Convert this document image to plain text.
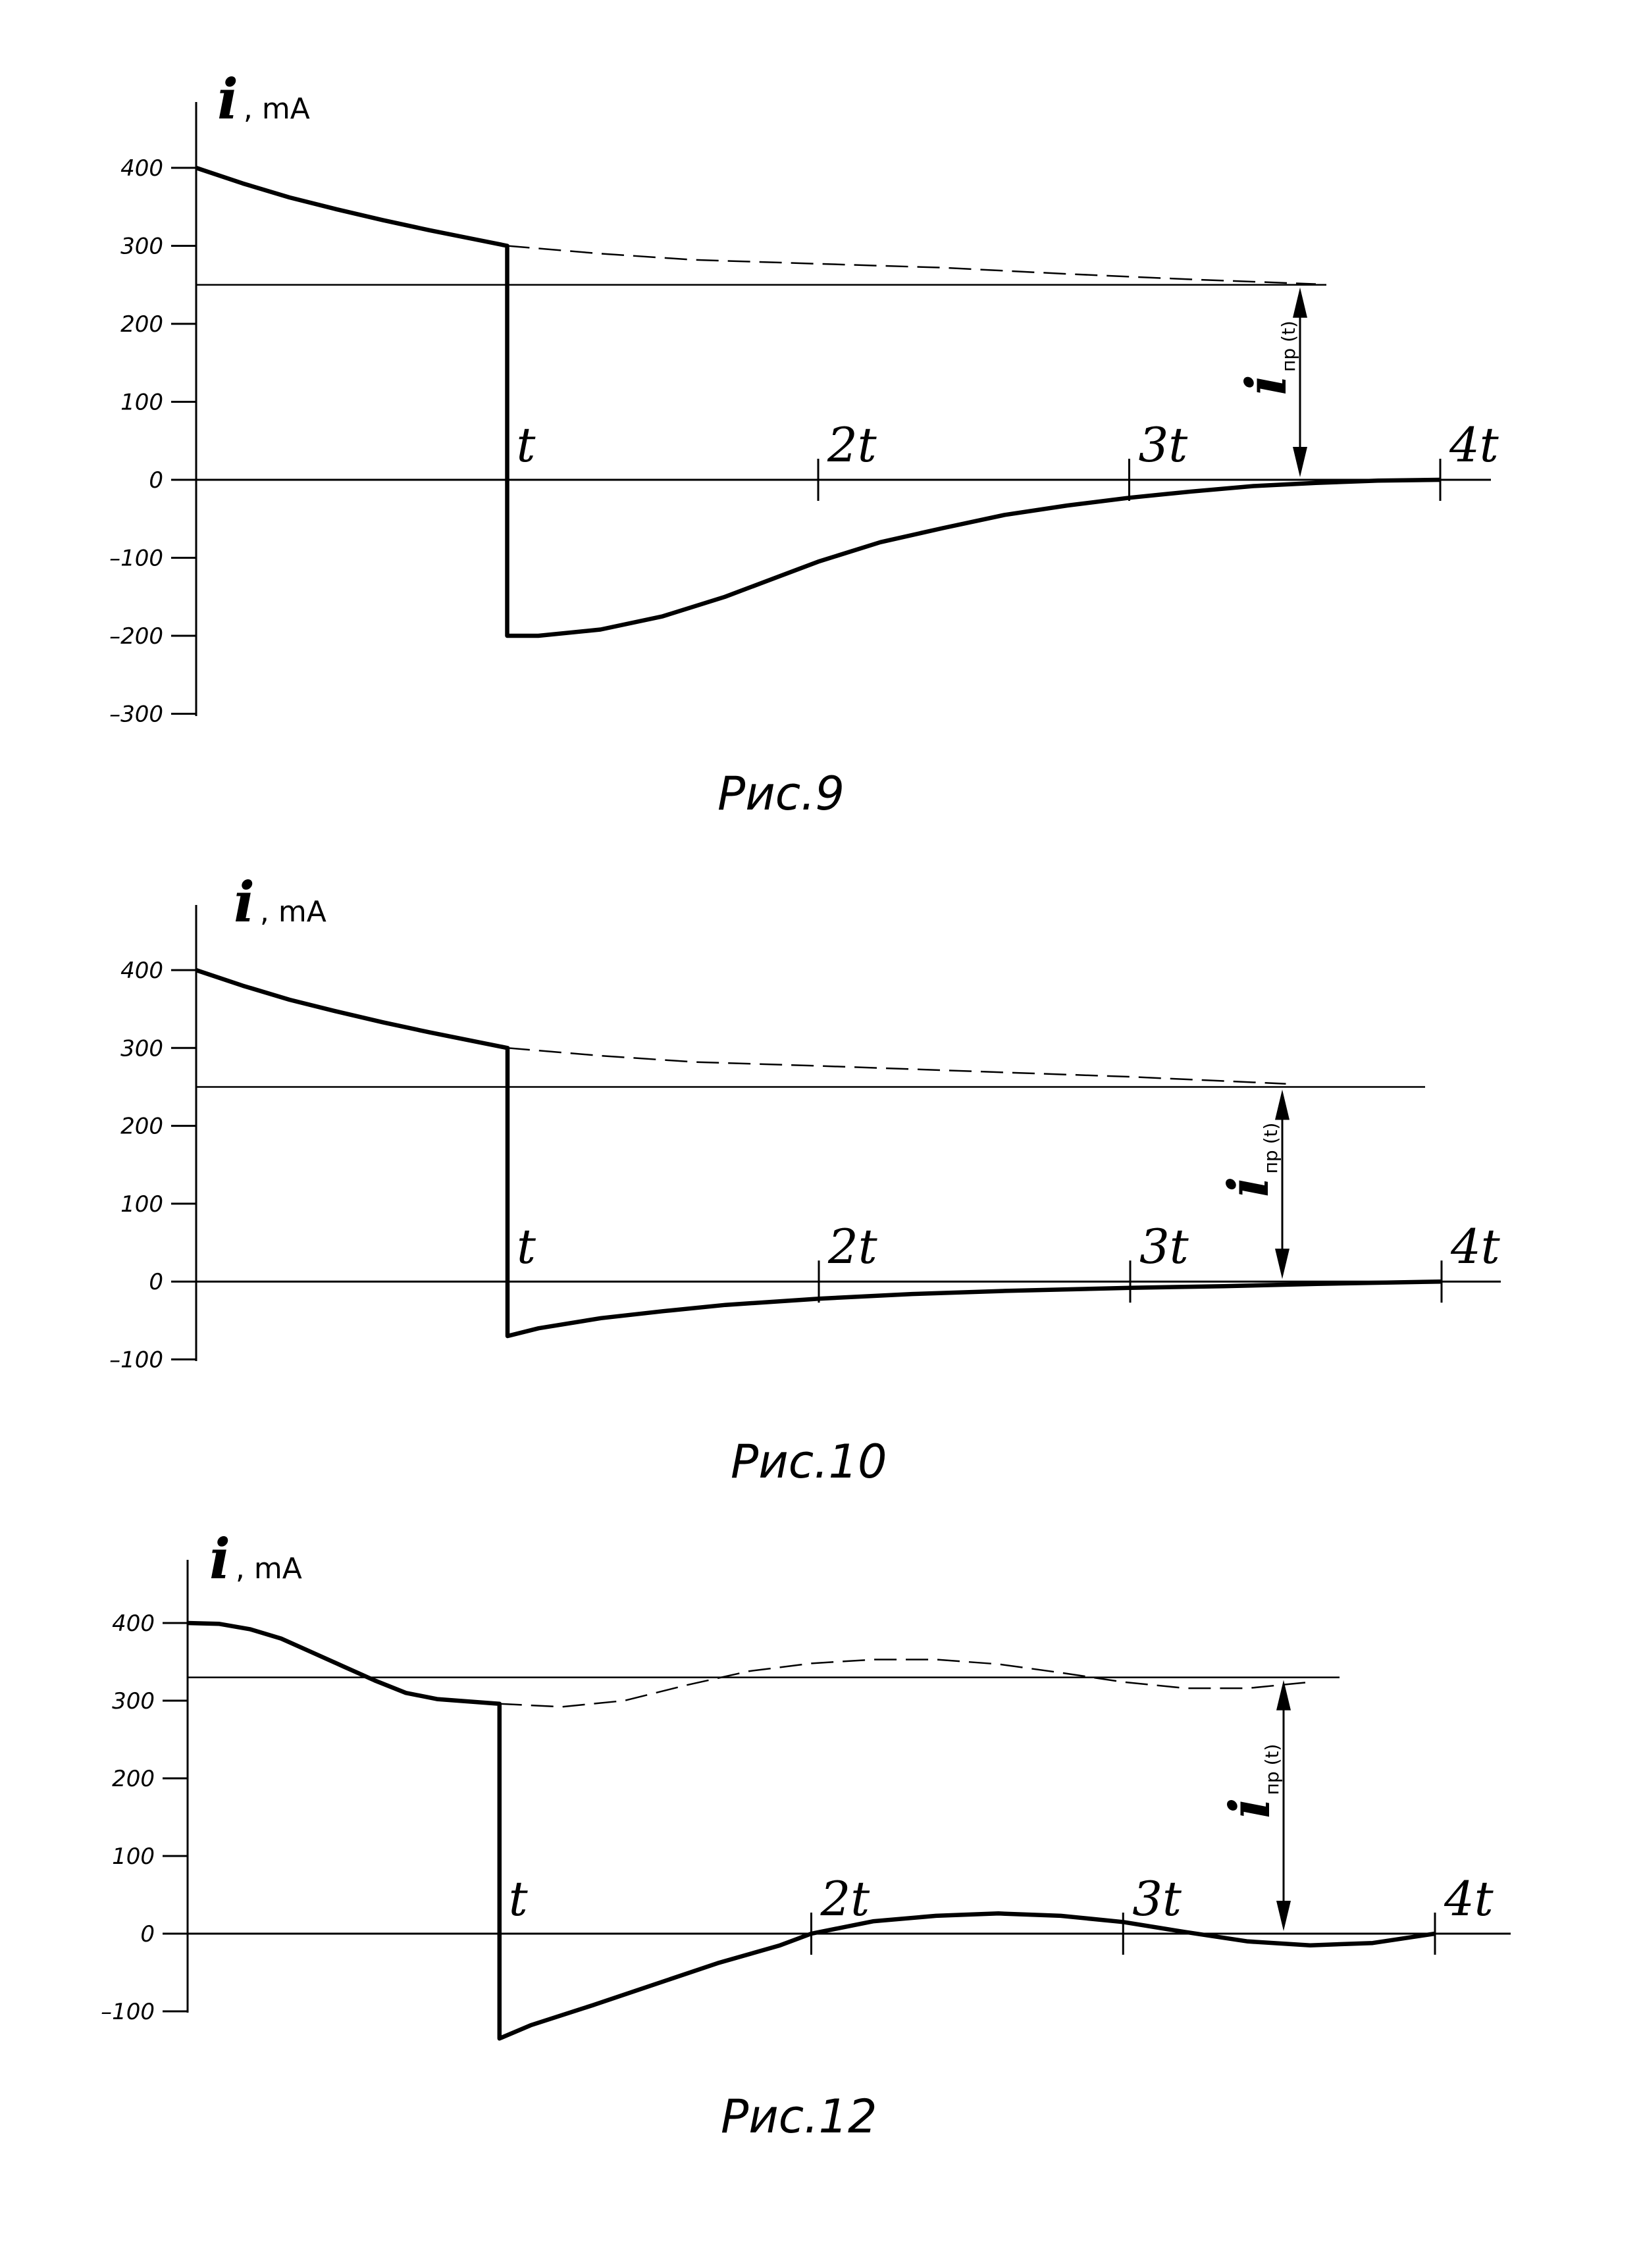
400
300
200
100
0
–100
–200
–300
t	2t	3t	4t
i , mA
iпр (t)
Рис.9
400
300
200
100
0
–100
t	2t	3t	4t
i , mA
iпр (t)
Рис.10
400
300
200
100
0
–100
t	2t	3t	4t
i , mA
iпр (t)
Рис.12
